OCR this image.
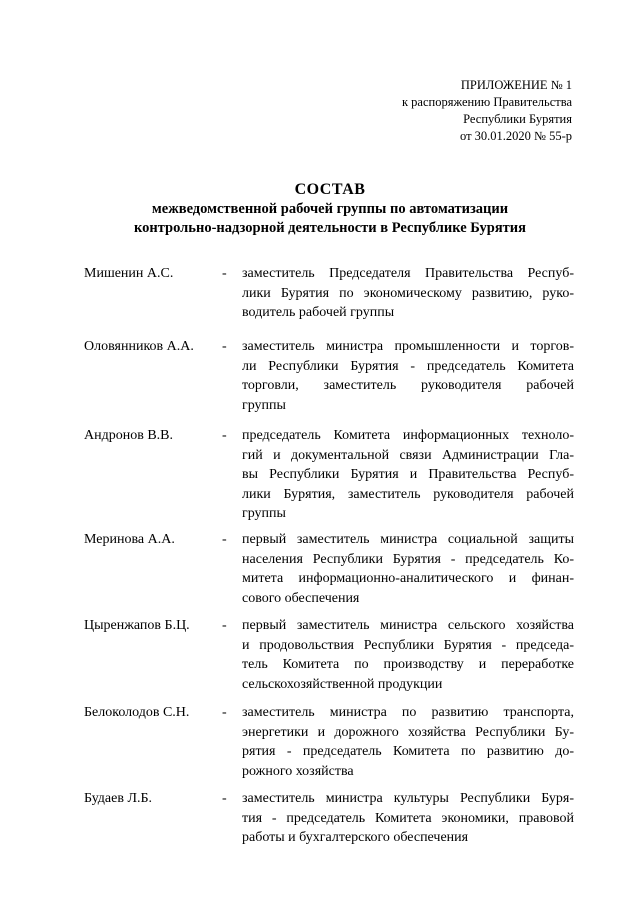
ПРИЛОЖЕНИЕ № 1
к распоряжению Правительства
Республики Бурятия
от 30.01.2020 № 55-р
СОСТАВ
межведомственной рабочей группы по автоматизации
контрольно-надзорной деятельности в Республике Бурятия
Мишенин А.С.	- заместитель Председателя Правительства Респуб-
лики Бурятия по экономическому развитию, руко-
водитель рабочей группы
Оловянников А.А. - заместитель министра промышленности и торгов-
ли Республики Бурятия - председатель Комитета
торговли, заместитель руководителя рабочей
группы
Андронов В.В.	- председатель Комитета информационных техноло-
гий и документальной связи Администрации Гла-
вы Республики Бурятия и Правительства Респуб-
лики Бурятия, заместитель руководителя рабочей
группы
Меринова А.А.	- первый заместитель министра социальной защиты
населения Республики Бурятия - председатель Ко-
митета информационно-аналитического и финан-
сового обеспечения
Цыренжапов Б.Ц. - первый заместитель министра сельского хозяйства
и продовольствия Республики Бурятия - председа-
тель Комитета по производству и переработке
сельскохозяйственной продукции
Белоколодов С.Н. - заместитель министра по развитию транспорта,
энергетики и дорожного хозяйства Республики Бу-
рятия - председатель Комитета по развитию до-
рожного хозяйства
Будаев Л.Б.	- заместитель министра культуры Республики Буря-
тия - председатель Комитета экономики, правовой
работы и бухгалтерского обеспечения
